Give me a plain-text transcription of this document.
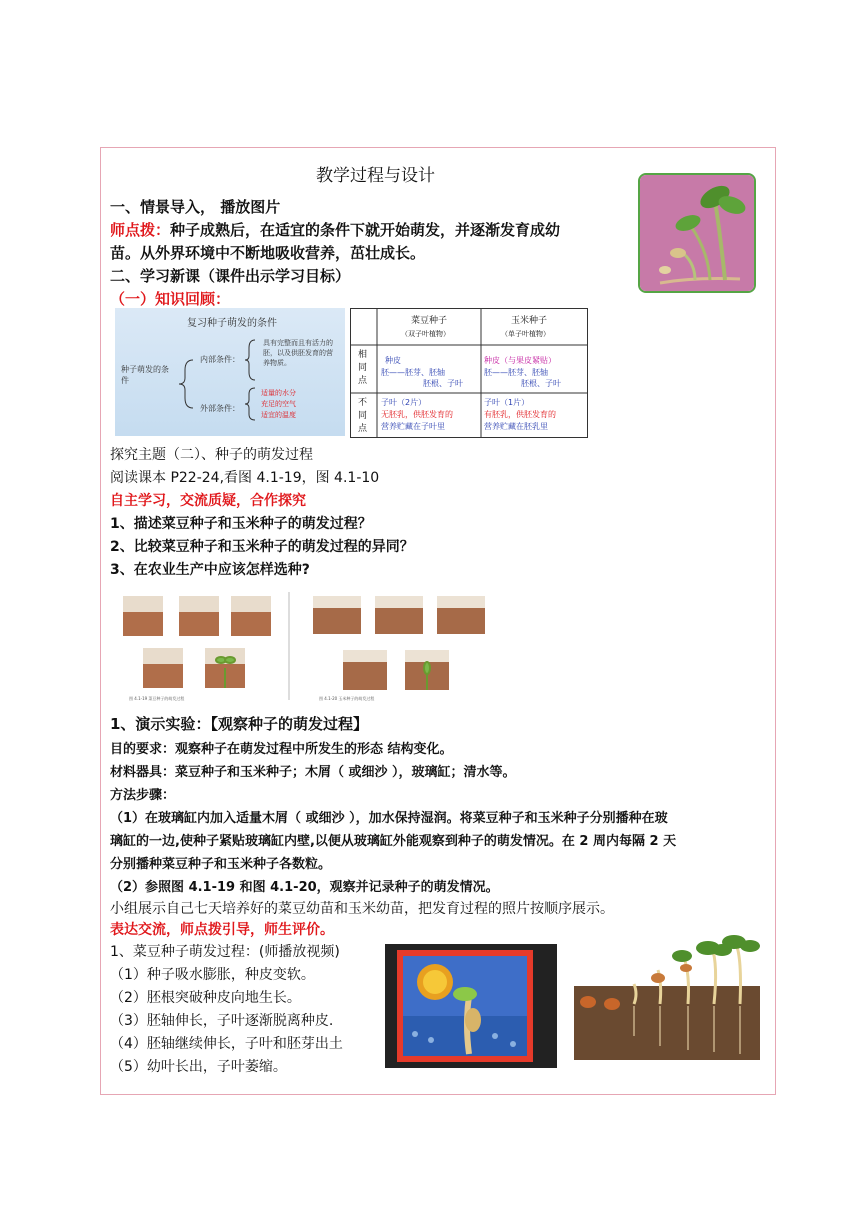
教学过程与设计
一、情景导入， 播放图片
师点拨：种子成熟后，在适宜的条件下就开始萌发，并逐渐发育成幼
苗。从外界环境中不断地吸收营养，茁壮成长。
二、学习新课（课件出示学习目标）
（一）知识回顾：
复习种子萌发的条件
种子萌发的条件
内部条件：
具有完整而且有活力的胚，以及供胚发育的营养物质。
外部条件：
适量的水分
充足的空气
适宜的温度
菜豆种子
（双子叶植物）
玉米种子
（单子叶植物）
相同点
不同点
种皮
胚——胚芽、胚轴
胚根、子叶
种皮（与果皮紧贴）
胚——胚芽、胚轴
胚根、子叶
子叶（2片）
无胚乳，供胚发育的
营养贮藏在子叶里
子叶（1片）
有胚乳，供胚发育的
营养贮藏在胚乳里
探究主题（二）、种子的萌发过程
阅读课本 P22-24,看图 4.1-19，图 4.1-10
自主学习，交流质疑，合作探究
1、描述菜豆种子和玉米种子的萌发过程？
2、比较菜豆种子和玉米种子的萌发过程的异同？
3、在农业生产中应该怎样选种?
图 4.1-19 菜豆种子的萌发过程	图 4.1-20 玉米种子的萌发过程
1、演示实验：【观察种子的萌发过程】
目的要求：观察种子在萌发过程中所发生的形态 结构变化。
材料器具：菜豆种子和玉米种子；木屑（ 或细沙 ），玻璃缸；清水等。
方法步骤：
（1）在玻璃缸内加入适量木屑（ 或细沙 ），加水保持湿润。将菜豆种子和玉米种子分别播种在玻
璃缸的一边,使种子紧贴玻璃缸内壁,以便从玻璃缸外能观察到种子的萌发情况。在 2 周内每隔 2 天
分别播种菜豆种子和玉米种子各数粒。
（2）参照图 4.1-19 和图 4.1-20，观察并记录种子的萌发情况。
小组展示自己七天培养好的菜豆幼苗和玉米幼苗，把发育过程的照片按顺序展示。
表达交流，师点拨引导，师生评价。
1、菜豆种子萌发过程：(师播放视频)
（1）种子吸水膨胀，种皮变软。
（2）胚根突破种皮向地生长。
（3）胚轴伸长，子叶逐渐脱离种皮.
（4）胚轴继续伸长，子叶和胚芽出土
（5）幼叶长出，子叶萎缩。
